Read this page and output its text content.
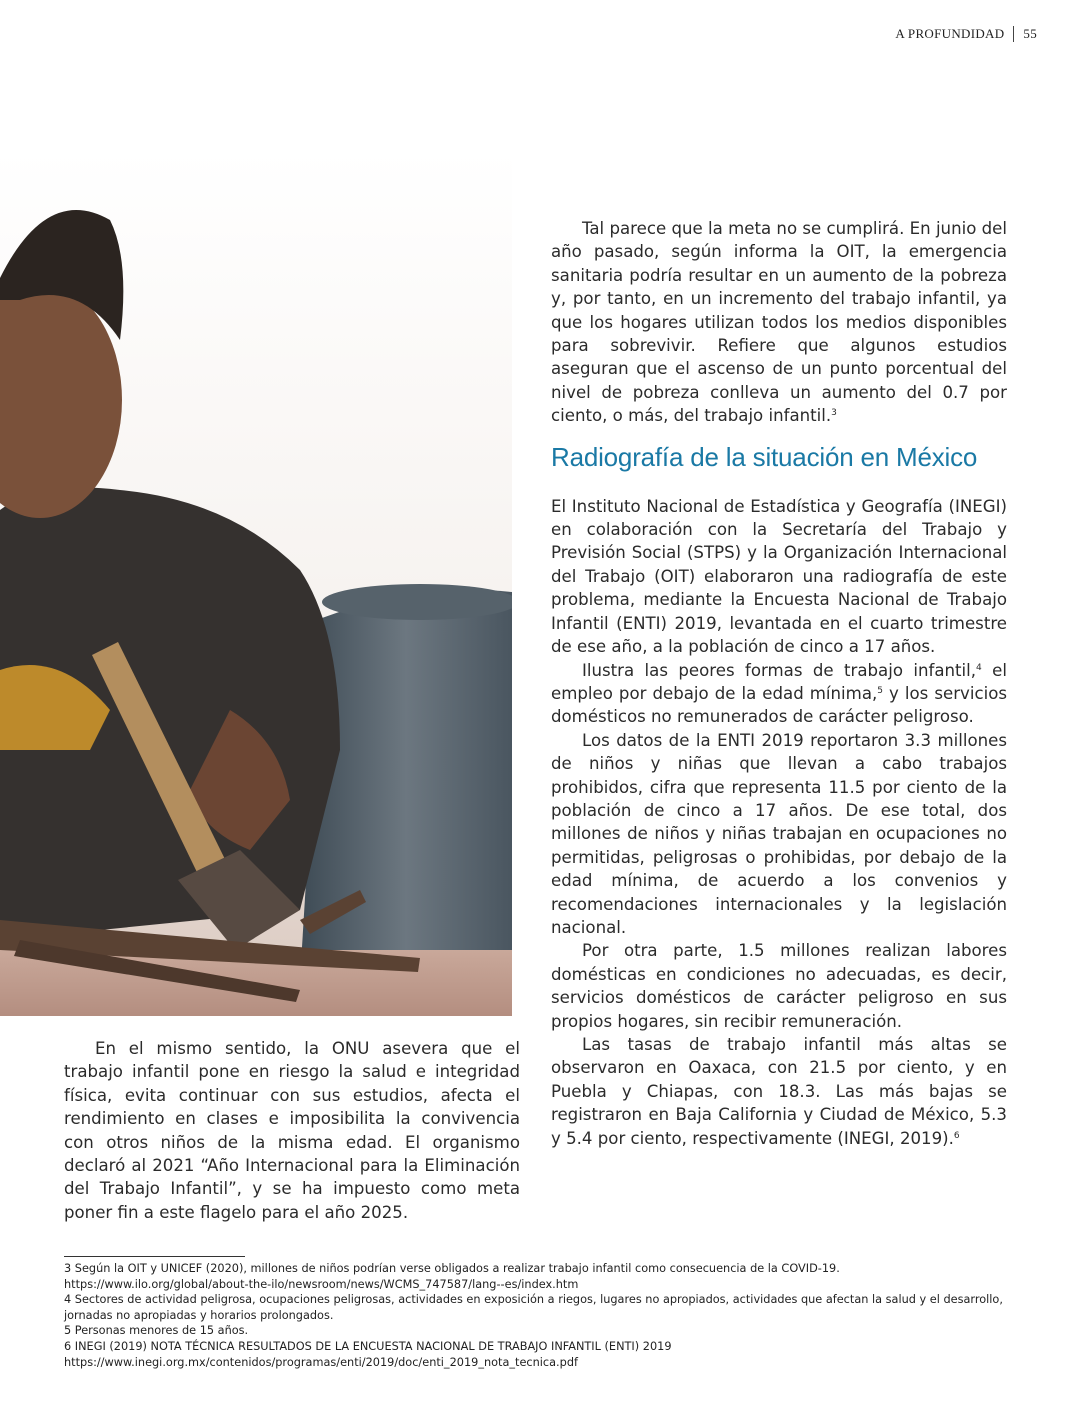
A PROFUNDIDAD 55

Tal parece que la meta no se cumplirá. En junio del año pasado, según informa la OIT, la emergencia sanitaria podría resultar en un aumento de la pobreza y, por tanto, en un incremento del trabajo infantil, ya que los hogares utilizan todos los medios disponibles para sobrevivir. Refiere que algunos estudios aseguran que el ascenso de un punto porcentual del nivel de pobreza conlleva un aumento del 0.7 por ciento, o más, del trabajo infantil.$^3$

Radiografía de la situación en México

El Instituto Nacional de Estadística y Geografía (INEGI) en colaboración con la Secretaría del Trabajo y Previsión Social (STPS) y la Organización Internacional del Trabajo (OIT) elaboraron una radiografía de este problema, mediante la Encuesta Nacional de Trabajo Infantil (ENTI) 2019, levantada en el cuarto trimestre de ese año, a la población de cinco a 17 años.

Ilustra las peores formas de trabajo infantil,$^4$ el empleo por debajo de la edad mínima,$^5$ y los servicios domésticos no remunerados de carácter peligroso.

Los datos de la ENTI 2019 reportaron 3.3 millones de niños y niñas que llevan a cabo trabajos prohibidos, cifra que representa 11.5 por ciento de la población de cinco a 17 años. De ese total, dos millones de niños y niñas trabajan en ocupaciones no permitidas, peligrosas o prohibidas, por debajo de la edad mínima, de acuerdo a los convenios y recomendaciones internacionales y la legislación nacional.

Por otra parte, 1.5 millones realizan labores domésticas en condiciones no adecuadas, es decir, servicios domésticos de carácter peligroso en sus propios hogares, sin recibir remuneración.

Las tasas de trabajo infantil más altas se observaron en Oaxaca, con 21.5 por ciento, y en Puebla y Chiapas, con 18.3. Las más bajas se registraron en Baja California y Ciudad de México, 5.3 y 5.4 por ciento, respectivamente (INEGI, 2019).$^6$

En el mismo sentido, la ONU asevera que el trabajo infantil pone en riesgo la salud e integridad física, evita continuar con sus estudios, afecta el rendimiento en clases e imposibilita la convivencia con otros niños de la misma edad. El organismo declaró al 2021 “Año Internacional para la Eliminación del Trabajo Infantil”, y se ha impuesto como meta poner fin a este flagelo para el año 2025.

3 Según la OIT y UNICEF (2020), millones de niños podrían verse obligados a realizar trabajo infantil como consecuencia de la COVID-19.
https://www.ilo.org/global/about-the-ilo/newsroom/news/WCMS_747587/lang--es/index.htm
4 Sectores de actividad peligrosa, ocupaciones peligrosas, actividades en exposición a riegos, lugares no apropiados, actividades que afectan la salud y el desarrollo, jornadas no apropiadas y horarios prolongados.
5 Personas menores de 15 años.
6 INEGI (2019) NOTA TÉCNICA RESULTADOS DE LA ENCUESTA NACIONAL DE TRABAJO INFANTIL (ENTI) 2019
https://www.inegi.org.mx/contenidos/programas/enti/2019/doc/enti_2019_nota_tecnica.pdf
